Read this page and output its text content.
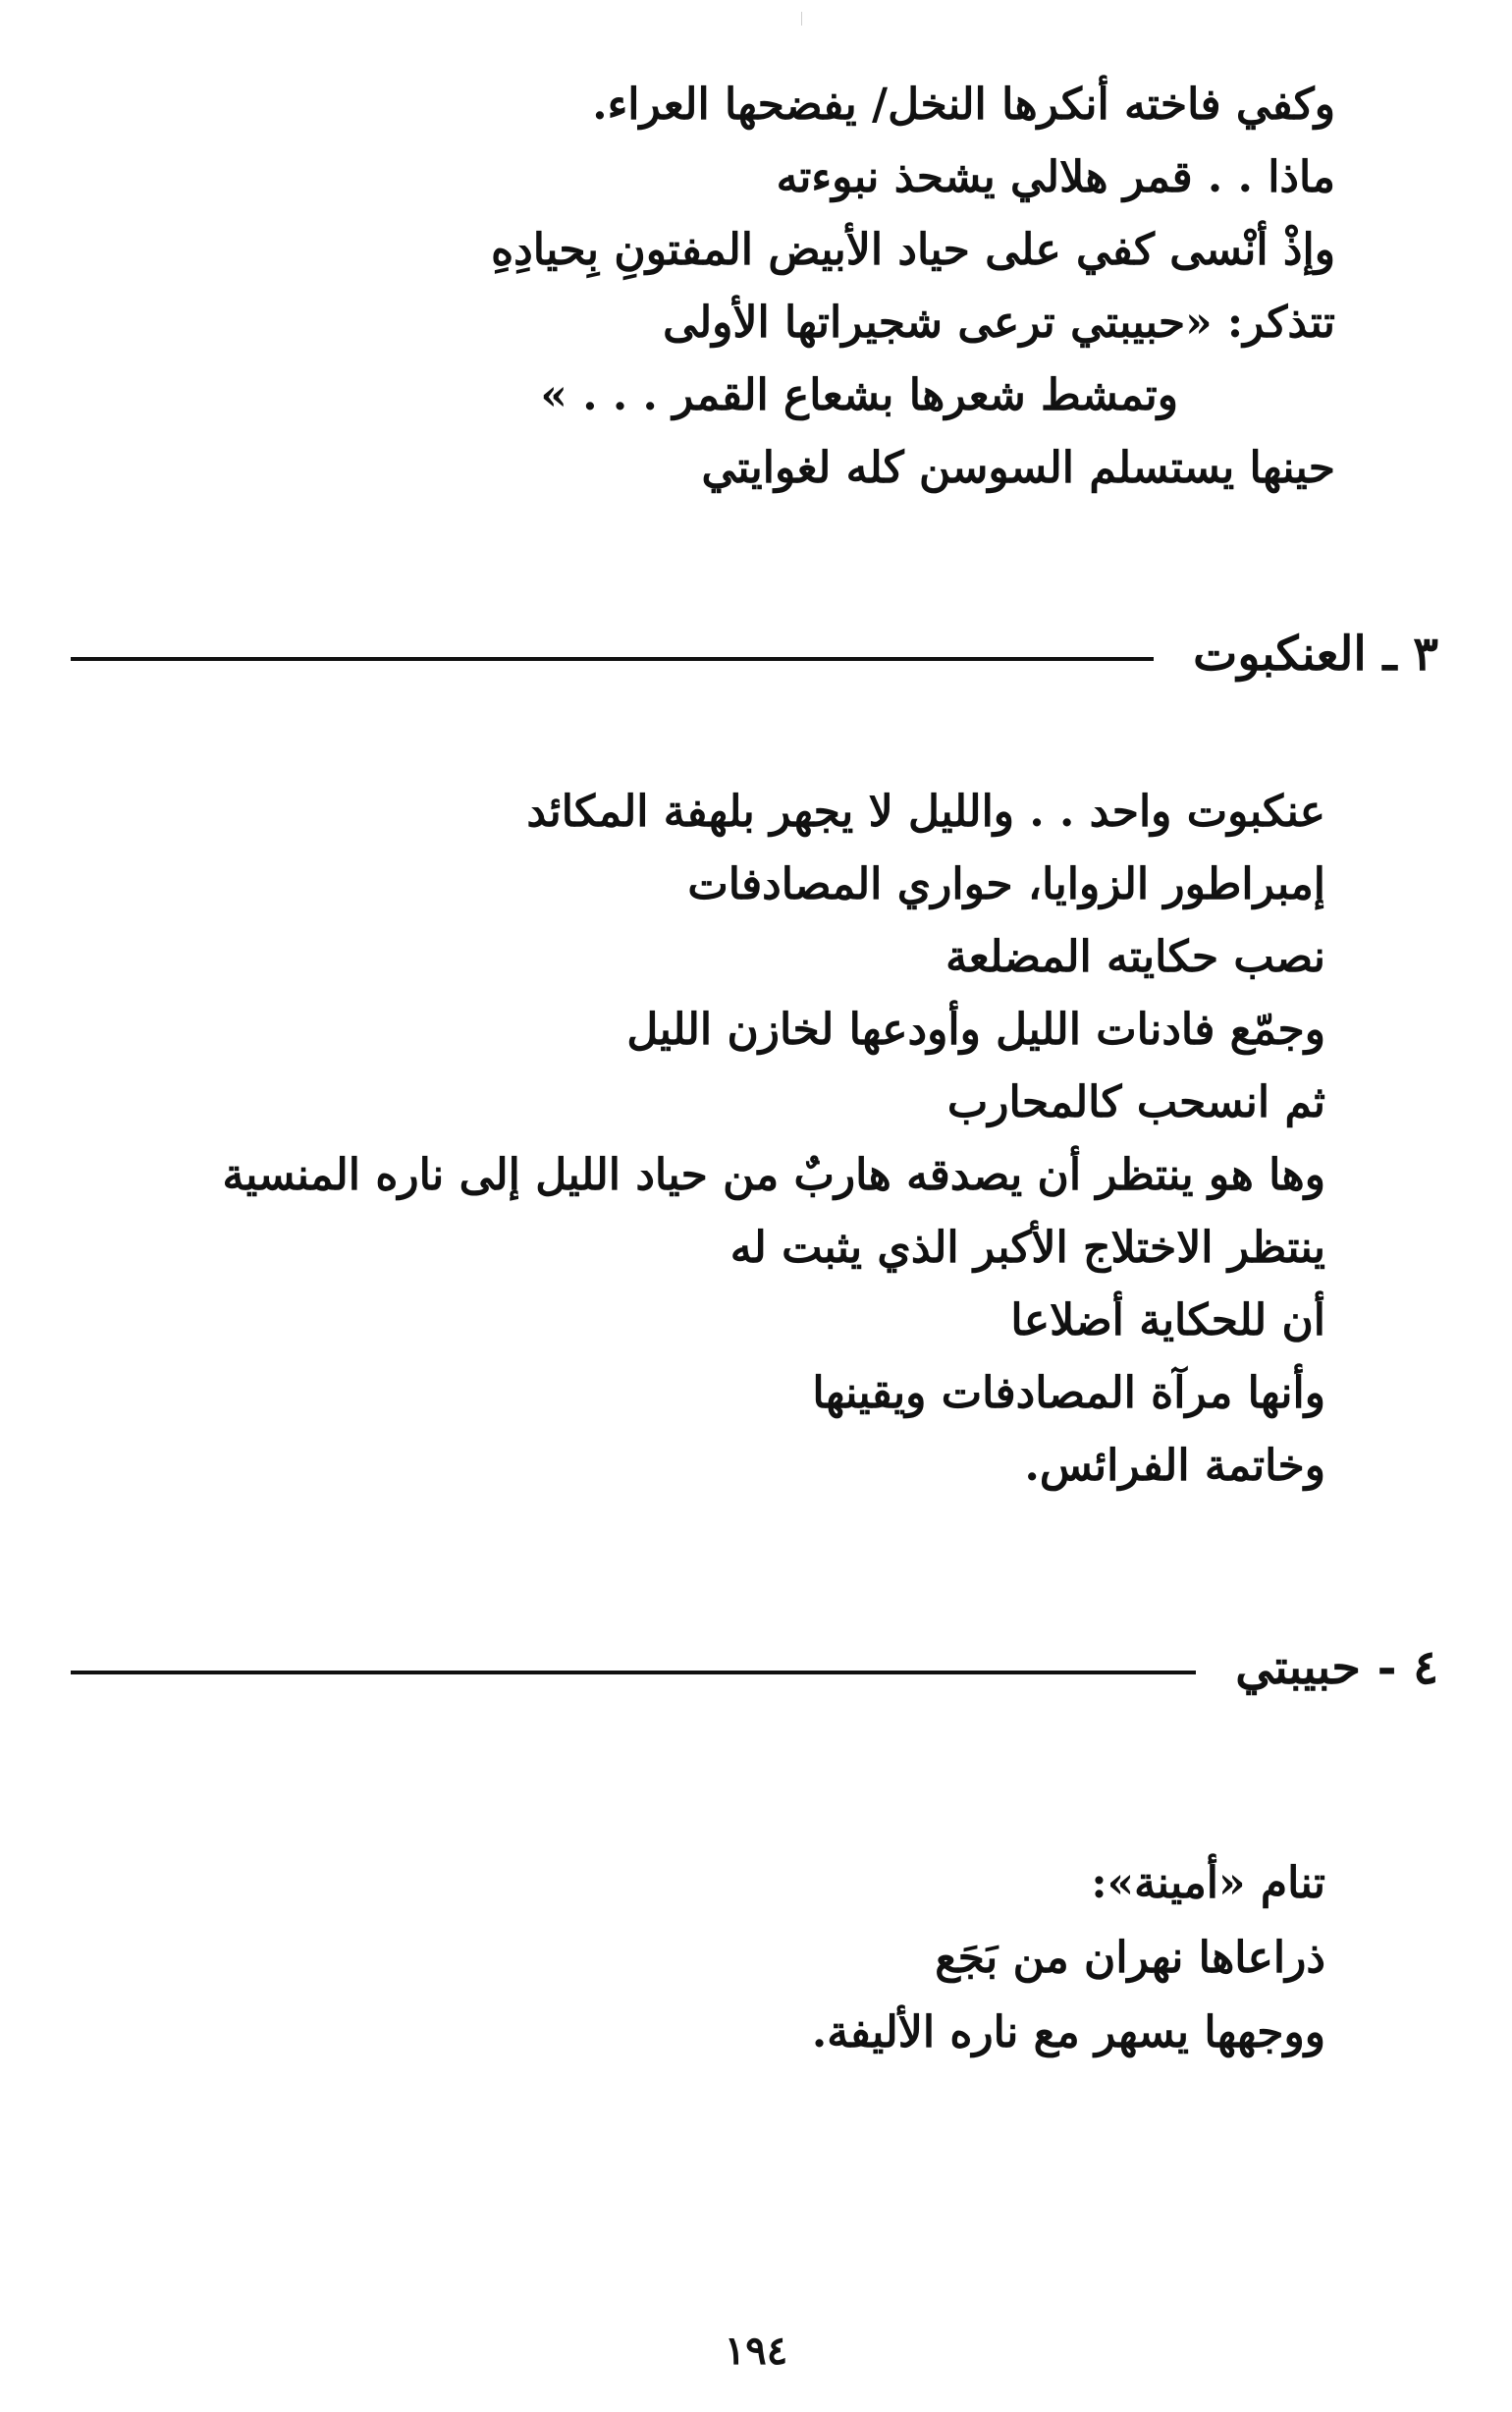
وكفي فاخته أنكرها النخل/ يفضحها العراء.
ماذا . . قمر هلالي يشحذ نبوءته
وإذْ أنْسى كفي على حياد الأبيض المفتونِ بِحيادِهِ
تتذكر: «حبيبتي ترعى شجيراتها الأولى
وتمشط شعرها بشعاع القمر . . . »
حينها يستسلم السوسن كله لغوايتي
٣ ـ العنكبوت
عنكبوت واحد . . والليل لا يجهر بلهفة المكائد
إمبراطور الزوايا، حواري المصادفات
نصب حكايته المضلعة
وجمّع فادنات الليل وأودعها لخازن الليل
ثم انسحب كالمحارب
وها هو ينتظر أن يصدقه هاربٌ من حياد الليل إلى ناره المنسية
ينتظر الاختلاج الأكبر الذي يثبت له
أن للحكاية أضلاعا
وأنها مرآة المصادفات ويقينها
وخاتمة الفرائس.
٤ - حبيبتي
تنام «أمينة»:
ذراعاها نهران من بَجَع
ووجهها يسهر مع ناره الأليفة.
١٩٤
